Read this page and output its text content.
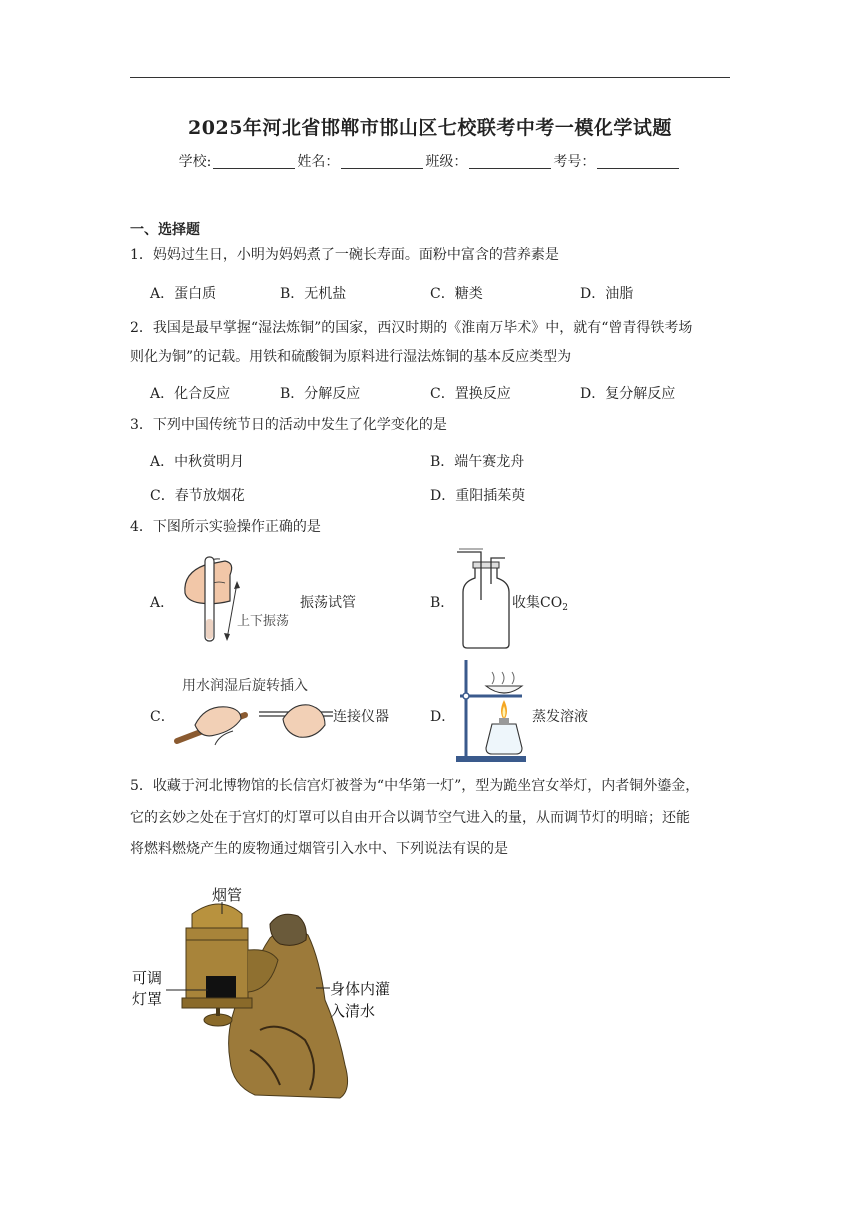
2025年河北省邯郸市邯山区七校联考中考一模化学试题
学校:	姓名：	班级：	考号：
一、选择题
1．妈妈过生日，小明为妈妈煮了一碗长寿面。面粉中富含的营养素是
A．蛋白质	B．无机盐	C．糖类	D．油脂
2．我国是最早掌握“湿法炼铜”的国家，西汉时期的《淮南万毕术》中，就有“曾青得铁考场
则化为铜”的记载。用铁和硫酸铜为原料进行湿法炼铜的基本反应类型为
A．化合反应	B．分解反应	C．置换反应	D．复分解反应
3．下列中国传统节日的活动中发生了化学变化的是
A．中秋赏明月	B．端午赛龙舟
C．春节放烟花	D．重阳插茱萸
4．下图所示实验操作正确的是
A．
上下振荡
振荡试管	B．	收集$CO_2$
C．
用水润湿后旋转插入
连接仪器	D．	蒸发溶液
5．收藏于河北博物馆的长信宫灯被誉为“中华第一灯”，型为跪坐宫女举灯，内者铜外鎏金，
它的玄妙之处在于宫灯的灯罩可以自由开合以调节空气进入的量，从而调节灯的明暗；还能
将燃料燃烧产生的废物通过烟管引入水中、下列说法有误的是
烟管
可调
灯罩
身体内灌
入清水
